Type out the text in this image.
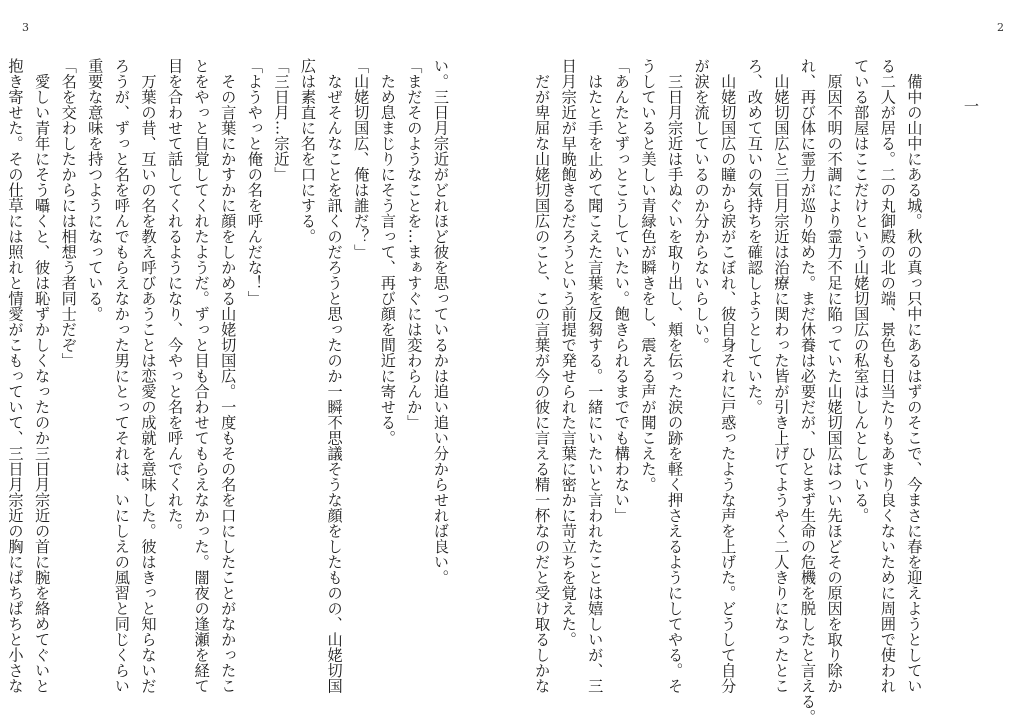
3
い。三日月宗近がどれほど彼を思っているかは追い追い分からせれば良い。
「まだそのようなことを…まぁすぐには変わらんか」
　ため息まじりにそう言って、再び顔を間近に寄せる。
「山姥切国広、俺は誰だ？」
　なぜそんなことを訊くのだろうと思ったのか一瞬不思議そうな顔をしたものの、山姥切国
広は素直に名を口にする。
「三日月…宗近」
「ようやっと俺の名を呼んだな！」
　その言葉にかすかに顔をしかめる山姥切国広。一度もその名を口にしたことがなかったこ
とをやっと自覚してくれたようだ。ずっと目も合わせてもらえなかった。闇夜の逢瀬を経て
目を合わせて話してくれるようになり、今やっと名を呼んでくれた。
　万葉の昔、互いの名を教え呼びあうことは恋愛の成就を意味した。彼はきっと知らないだ
ろうが、ずっと名を呼んでもらえなかった男にとってそれは、いにしえの風習と同じくらい
重要な意味を持つようになっている。
「名を交わしたからには相想う者同士だぞ」
　愛しい青年にそう囁くと、彼は恥ずかしくなったのか三日月宗近の首に腕を絡めてぐいと
抱き寄せた。その仕草には照れと情愛がこもっていて、三日月宗近の胸にぱちぱちと小さな
2
一
　備中の山中にある城。秋の真っ只中にあるはずのそこで、今まさに春を迎えようとしてい
る二人が居る。二の丸御殿の北の端、景色も日当たりもあまり良くないために周囲で使われ
ている部屋はここだけという山姥切国広の私室はしんとしている。
　原因不明の不調により霊力不足に陥っていた山姥切国広はつい先ほどその原因を取り除か
れ、再び体に霊力が巡り始めた。まだ休養は必要だが、ひとまず生命の危機を脱したと言える。
　山姥切国広と三日月宗近は治療に関わった皆が引き上げてようやく二人きりになったとこ
ろ、改めて互いの気持ちを確認しようとしていた。
　山姥切国広の瞳から涙がこぼれ、彼自身それに戸惑ったような声を上げた。どうして自分
が涙を流しているのか分からないらしい。
　三日月宗近は手ぬぐいを取り出し、頬を伝った涙の跡を軽く押さえるようにしてやる。そ
うしていると美しい青緑色が瞬きをし、震える声が聞こえた。
「あんたとずっとこうしていたい。飽きられるまででも構わない」
　はたと手を止めて聞こえた言葉を反芻する。一緒にいたいと言われたことは嬉しいが、三
日月宗近が早晩飽きるだろうという前提で発せられた言葉に密かに苛立ちを覚えた。
　だが卑屈な山姥切国広のこと、この言葉が今の彼に言える精一杯なのだと受け取るしかな
